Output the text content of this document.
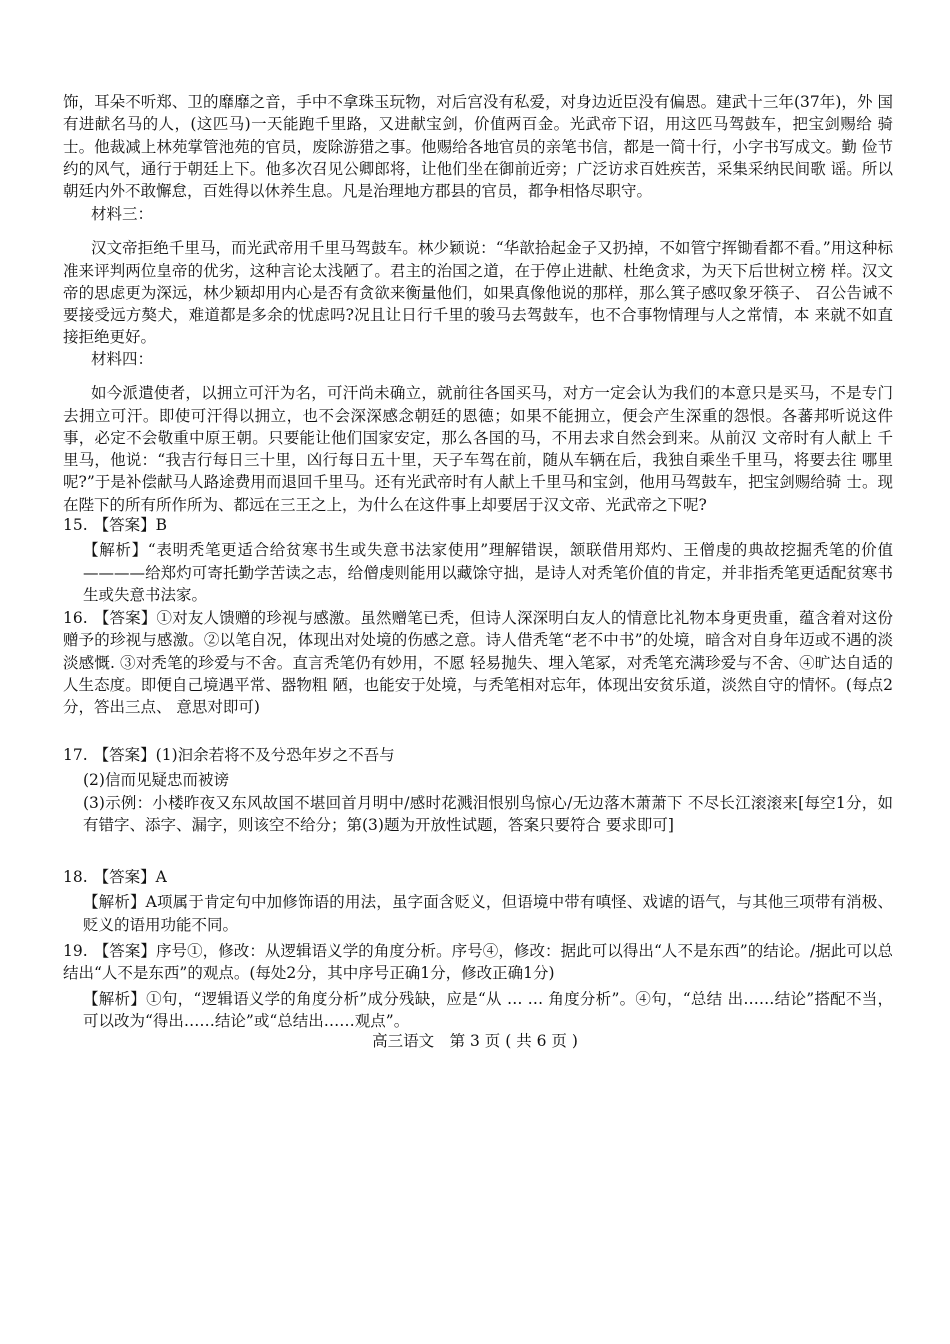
饰，耳朵不听郑、卫的靡靡之音，手中不拿珠玉玩物，对后宫没有私爱，对身边近臣没有偏恩。建武十三年(37年)，外 国有进献名马的人，(这匹马)一天能跑千里路，又进献宝剑，价值两百金。光武帝下诏，用这匹马驾鼓车，把宝剑赐给 骑士。他裁减上林苑掌管池苑的官员，废除游猎之事。他赐给各地官员的亲笔书信，都是一简十行，小字书写成文。勤 俭节约的风气，通行于朝廷上下。他多次召见公卿郎将，让他们坐在御前近旁；广泛访求百姓疾苦，采集采纳民间歌 谣。所以朝廷内外不敢懈怠，百姓得以休养生息。凡是治理地方郡县的官员，都争相恪尽职守。

材料三：

汉文帝拒绝千里马，而光武帝用千里马驾鼓车。林少颖说：“华歆拾起金子又扔掉，不如管宁挥锄看都不看。”用这种标准来评判两位皇帝的优劣，这种言论太浅陋了。君主的治国之道，在于停止进献、杜绝贪求，为天下后世树立榜 样。汉文帝的思虑更为深远，林少颖却用内心是否有贪欲来衡量他们，如果真像他说的那样，那么箕子感叹象牙筷子、 召公告诫不要接受远方獒犬，难道都是多余的忧虑吗?况且让日行千里的骏马去驾鼓车，也不合事物情理与人之常情，本 来就不如直接拒绝更好。

材料四：

如今派遣使者，以拥立可汗为名，可汗尚未确立，就前往各国买马，对方一定会认为我们的本意只是买马，不是专门去拥立可汗。即使可汗得以拥立，也不会深深感念朝廷的恩德；如果不能拥立，便会产生深重的怨恨。各蕃邦听说这件事，必定不会敬重中原王朝。只要能让他们国家安定，那么各国的马，不用去求自然会到来。从前汉 文帝时有人献上 千里马，他说：“我吉行每日三十里，凶行每日五十里，天子车驾在前，随从车辆在后，我独自乘坐千里马，将要去往 哪里呢?”于是补偿献马人路途费用而退回千里马。还有光武帝时有人献上千里马和宝剑，他用马驾鼓车，把宝剑赐给骑 士。现在陛下的所有所作所为、都远在三王之上，为什么在这件事上却要居于汉文帝、光武帝之下呢?

15. 【答案】B

【解析】“表明秃笔更适合给贫寒书生或失意书法家使用”理解错误，颔联借用郑灼、王僧虔的典故挖掘秃笔的价值————给郑灼可寄托勤学苦读之志，给僧虔则能用以藏馀守拙，是诗人对秃笔价值的肯定，并非指秃笔更适配贫寒书生或失意书法家。

16. 【答案】①对友人馈赠的珍视与感激。虽然赠笔已秃，但诗人深深明白友人的情意比礼物本身更贵重，蕴含着对这份赠予的珍视与感激。②以笔自况，体现出对处境的伤感之意。诗人借秃笔“老不中书”的处境，暗含对自身年迈或不遇的淡淡感慨. ③对秃笔的珍爱与不舍。直言秃笔仍有妙用，不愿 轻易抛失、埋入笔冢，对秃笔充满珍爱与不舍、④旷达自适的人生态度。即便自己境遇平常、器物粗 陋，也能安于处境，与秃笔相对忘年，体现出安贫乐道，淡然自守的情怀。(每点2分，答出三点、 意思对即可)

17. 【答案】(1)汩余若将不及兮恐年岁之不吾与

(2)信而见疑忠而被谤

(3)示例：小楼昨夜又东风故国不堪回首月明中/感时花溅泪恨别鸟惊心/无边落木萧萧下 不尽长江滚滚来[每空1分，如有错字、添字、漏字，则该空不给分；第(3)题为开放性试题，答案只要符合 要求即可]

18. 【答案】A

【解析】A项属于肯定句中加修饰语的用法，虽字面含贬义，但语境中带有嗔怪、戏谑的语气，与其他三项带有消极、贬义的语用功能不同。

19. 【答案】序号①，修改：从逻辑语义学的角度分析。序号④，修改：据此可以得出“人不是东西”的结论。/据此可以总结出“人不是东西”的观点。(每处2分，其中序号正确1分，修改正确1分)

【解析】①句，“逻辑语义学的角度分析”成分残缺，应是“从 … … 角度分析”。④句，“总结 出……结论”搭配不当，可以改为“得出……结论”或“总结出……观点”。

高三语文　第 3 页 ( 共 6 页 )
